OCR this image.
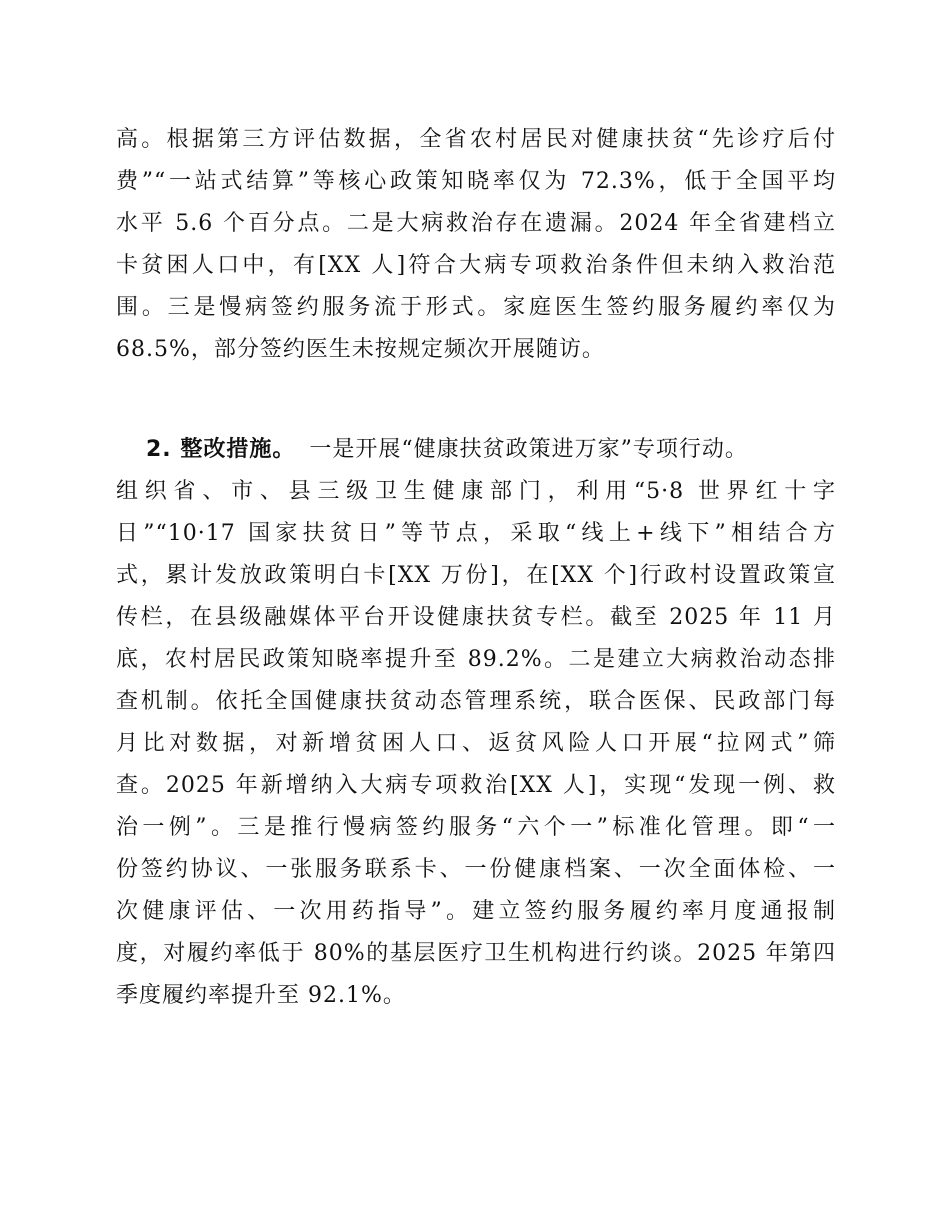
高。根据第三方评估数据，全省农村居民对健康扶贫“先诊疗后付
费”“一站式结算”等核心政策知晓率仅为 72.3%，低于全国平均
水平 5.6 个百分点。二是大病救治存在遗漏。2024 年全省建档立
卡贫困人口中，有[XX 人]符合大病专项救治条件但未纳入救治范
围。三是慢病签约服务流于形式。家庭医生签约服务履约率仅为
68.5%，部分签约医生未按规定频次开展随访。
2. 整改措施。 一是开展“健康扶贫政策进万家”专项行动。
组织省、市、县三级卫生健康部门，利用“5·8 世界红十字
日”“10·17 国家扶贫日”等节点，采取“线上+线下”相结合方
式，累计发放政策明白卡[XX 万份]，在[XX 个]行政村设置政策宣
传栏，在县级融媒体平台开设健康扶贫专栏。截至 2025 年 11 月
底，农村居民政策知晓率提升至 89.2%。二是建立大病救治动态排
查机制。依托全国健康扶贫动态管理系统，联合医保、民政部门每
月比对数据，对新增贫困人口、返贫风险人口开展“拉网式”筛
查。2025 年新增纳入大病专项救治[XX 人]，实现“发现一例、救
治一例”。三是推行慢病签约服务“六个一”标准化管理。即“一
份签约协议、一张服务联系卡、一份健康档案、一次全面体检、一
次健康评估、一次用药指导”。建立签约服务履约率月度通报制
度，对履约率低于 80%的基层医疗卫生机构进行约谈。2025 年第四
季度履约率提升至 92.1%。
